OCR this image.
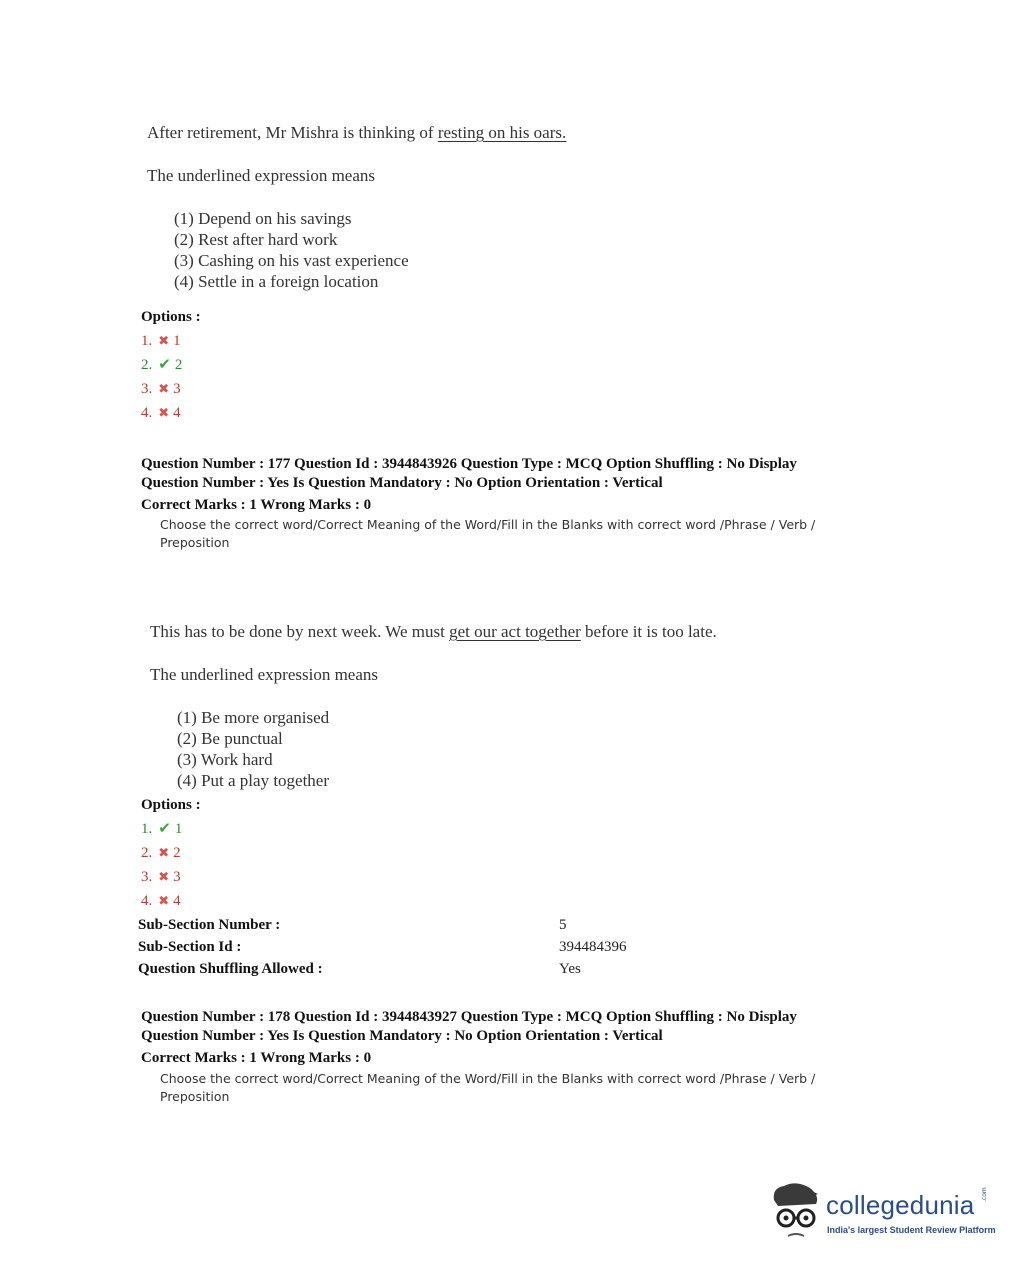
After retirement, Mr Mishra is thinking of resting on his oars.
The underlined expression means
(1) Depend on his savings
(2) Rest after hard work
(3) Cashing on his vast experience
(4) Settle in a foreign location
Options :
1. ✖ 1
2. ✔ 2
3. ✖ 3
4. ✖ 4
Question Number : 177 Question Id : 3944843926 Question Type : MCQ Option Shuffling : No Display
Question Number : Yes Is Question Mandatory : No Option Orientation : Vertical
Correct Marks : 1 Wrong Marks : 0
Choose the correct word/Correct Meaning of the Word/Fill in the Blanks with correct word /Phrase / Verb / Preposition
This has to be done by next week. We must get our act together before it is too late.
The underlined expression means
(1) Be more organised
(2) Be punctual
(3) Work hard
(4) Put a play together
Options :
1. ✔ 1
2. ✖ 2
3. ✖ 3
4. ✖ 4
Sub-Section Number :	5
Sub-Section Id :	394484396
Question Shuffling Allowed :	Yes
Question Number : 178 Question Id : 3944843927 Question Type : MCQ Option Shuffling : No Display
Question Number : Yes Is Question Mandatory : No Option Orientation : Vertical
Correct Marks : 1 Wrong Marks : 0
Choose the correct word/Correct Meaning of the Word/Fill in the Blanks with correct word /Phrase / Verb / Preposition
collegedunia .com
India's largest Student Review Platform
